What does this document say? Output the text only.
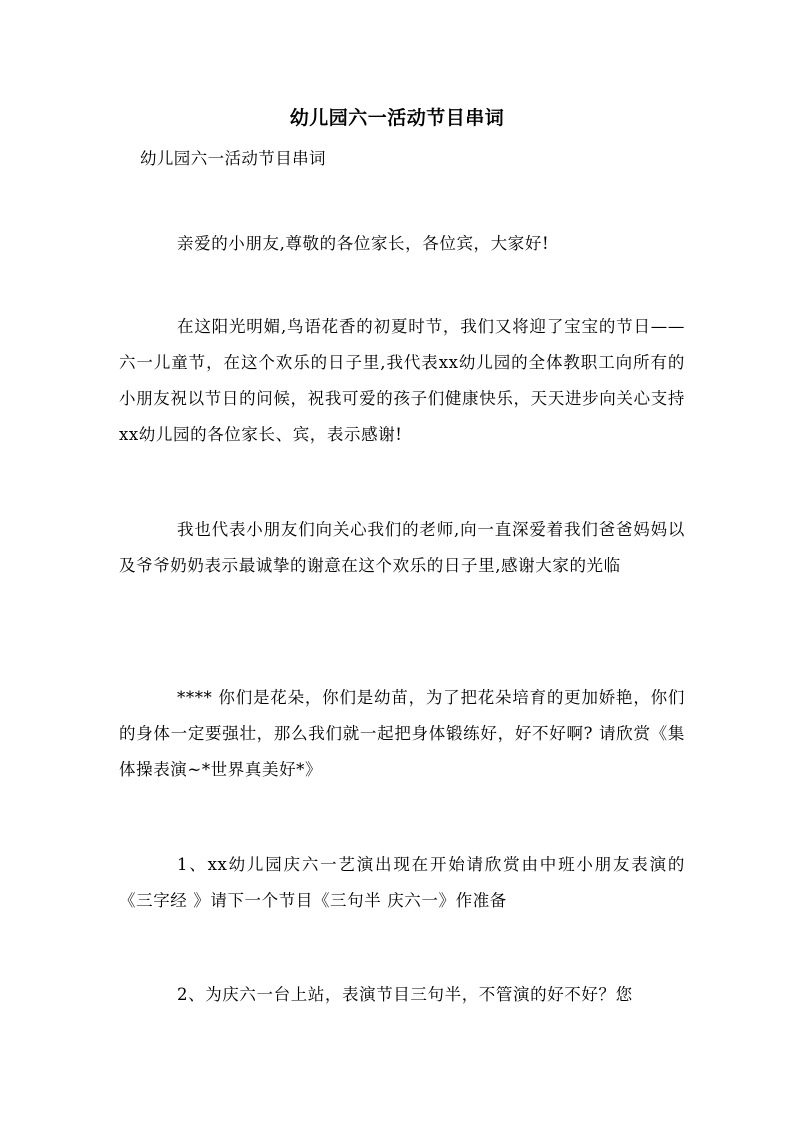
幼儿园六一活动节目串词
幼儿园六一活动节目串词

亲爱的小朋友,尊敬的各位家长，各位宾，大家好!

在这阳光明媚,鸟语花香的初夏时节，我们又将迎了宝宝的节日——六一儿童节，在这个欢乐的日子里,我代表xx幼儿园的全体教职工向所有的小朋友祝以节日的问候，祝我可爱的孩子们健康快乐，天天进步向关心支持xx幼儿园的各位家长、宾，表示感谢!

我也代表小朋友们向关心我们的老师,向一直深爱着我们爸爸妈妈以及爷爷奶奶表示最诚挚的谢意在这个欢乐的日子里,感谢大家的光临

**** 你们是花朵，你们是幼苗，为了把花朵培育的更加娇艳，你们的身体一定要强壮，那么我们就一起把身体锻练好，好不好啊? 请欣赏《集体操表演~*世界真美好*》

1、xx幼儿园庆六一艺演出现在开始请欣赏由中班小朋友表演的《三字经 》请下一个节目《三句半 庆六一》作准备

2、为庆六一台上站，表演节目三句半，不管演的好不好？您
